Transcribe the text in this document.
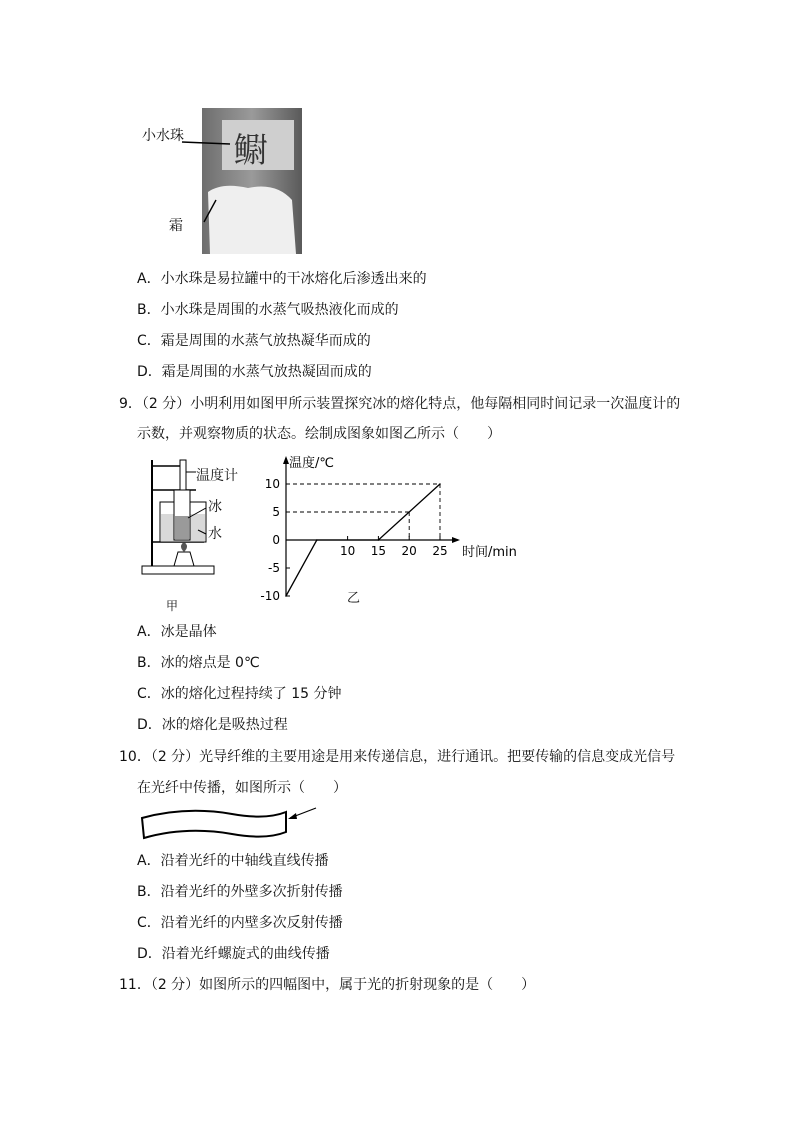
鳚
小水珠
霜
A．小水珠是易拉罐中的干冰熔化后渗透出来的
B．小水珠是周围的水蒸气吸热液化而成的
C．霜是周围的水蒸气放热凝华而成的
D．霜是周围的水蒸气放热凝固而成的
9．（2 分）小明利用如图甲所示装置探究冰的熔化特点，他每隔相同时间记录一次温度计的
示数，并观察物质的状态。绘制成图象如图乙所示（　　）
温度计
冰
水
甲
10
5
0
-5
-10
10 15 20 25
温度/℃
时间/min
乙
A．冰是晶体
B．冰的熔点是 0℃
C．冰的熔化过程持续了 15 分钟
D．冰的熔化是吸热过程
10．（2 分）光导纤维的主要用途是用来传递信息，进行通讯。把要传输的信息变成光信号
在光纤中传播，如图所示（　　）
A．沿着光纤的中轴线直线传播
B．沿着光纤的外壁多次折射传播
C．沿着光纤的内壁多次反射传播
D．沿着光纤螺旋式的曲线传播
11．（2 分）如图所示的四幅图中，属于光的折射现象的是（　　）
